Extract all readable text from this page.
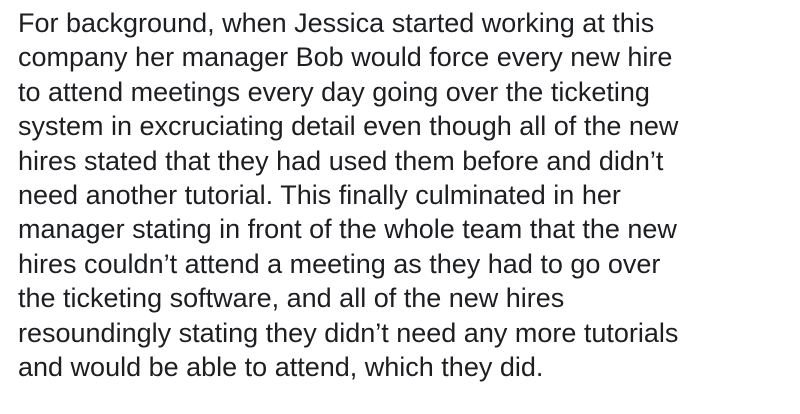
For background, when Jessica started working at this
company her manager Bob would force every new hire
to attend meetings every day going over the ticketing
system in excruciating detail even though all of the new
hires stated that they had used them before and didn’t
need another tutorial. This finally culminated in her
manager stating in front of the whole team that the new
hires couldn’t attend a meeting as they had to go over
the ticketing software, and all of the new hires
resoundingly stating they didn’t need any more tutorials
and would be able to attend, which they did.
